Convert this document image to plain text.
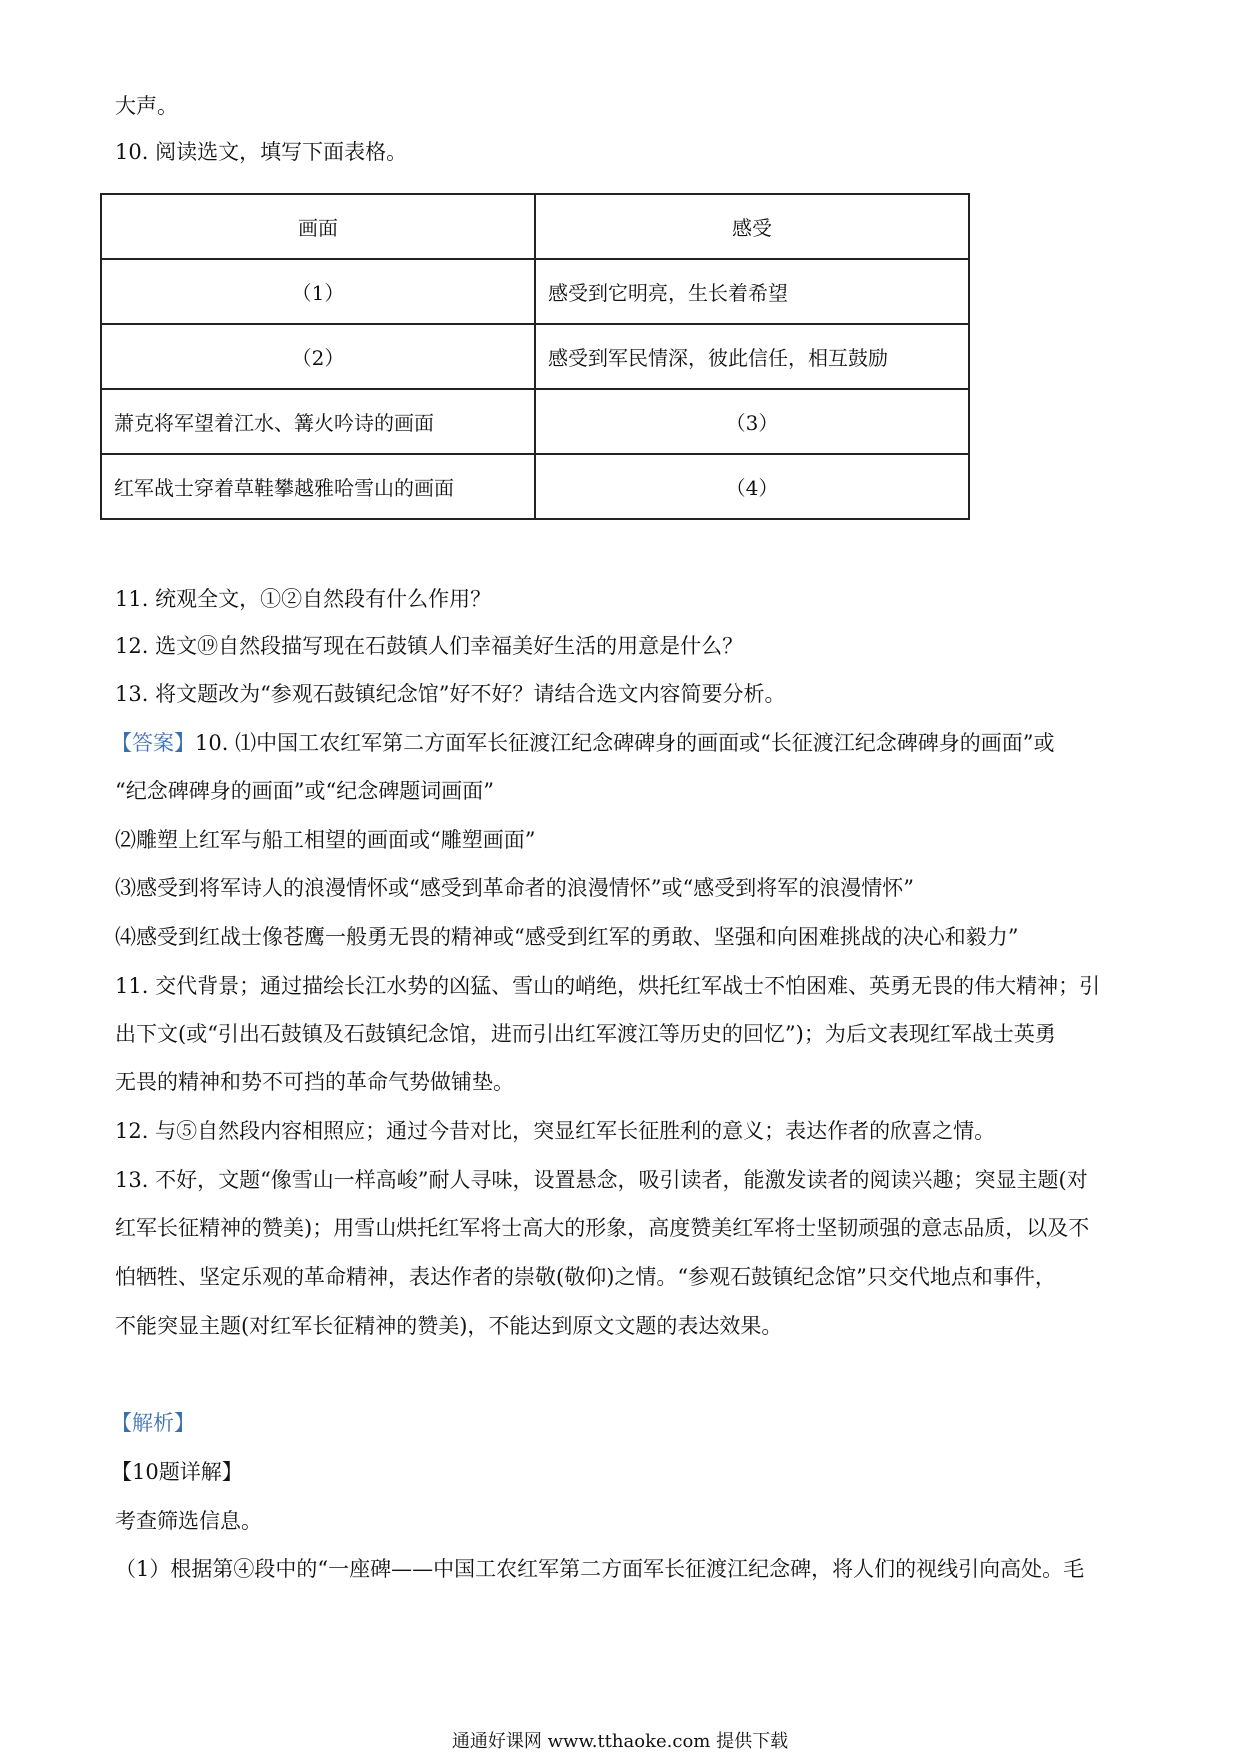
大声。
10. 阅读选文，填写下面表格。
画面	感受
（1）	感受到它明亮，生长着希望
（2）	感受到军民情深，彼此信任，相互鼓励
萧克将军望着江水、篝火吟诗的画面	（3）
红军战士穿着草鞋攀越雅哈雪山的画面	（4）
11. 统观全文，①②自然段有什么作用？
12. 选文⑲自然段描写现在石鼓镇人们幸福美好生活的用意是什么？
13. 将文题改为“参观石鼓镇纪念馆”好不好？请结合选文内容简要分析。
【答案】10. ⑴中国工农红军第二方面军长征渡江纪念碑碑身的画面或“长征渡江纪念碑碑身的画面”或
“纪念碑碑身的画面”或“纪念碑题词画面”
⑵雕塑上红军与船工相望的画面或“雕塑画面”
⑶感受到将军诗人的浪漫情怀或“感受到革命者的浪漫情怀”或“感受到将军的浪漫情怀”
⑷感受到红战士像苍鹰一般勇无畏的精神或“感受到红军的勇敢、坚强和向困难挑战的决心和毅力”
11. 交代背景；通过描绘长江水势的凶猛、雪山的峭绝，烘托红军战士不怕困难、英勇无畏的伟大精神；引
出下文(或“引出石鼓镇及石鼓镇纪念馆，进而引出红军渡江等历史的回忆”)；为后文表现红军战士英勇
无畏的精神和势不可挡的革命气势做铺垫。
12. 与⑤自然段内容相照应；通过今昔对比，突显红军长征胜利的意义；表达作者的欣喜之情。
13. 不好，文题“像雪山一样高峻”耐人寻味，设置悬念，吸引读者，能激发读者的阅读兴趣；突显主题(对
红军长征精神的赞美)；用雪山烘托红军将士高大的形象，高度赞美红军将士坚韧顽强的意志品质，以及不
怕牺牲、坚定乐观的革命精神，表达作者的崇敬(敬仰)之情。“参观石鼓镇纪念馆”只交代地点和事件，
不能突显主题(对红军长征精神的赞美)，不能达到原文文题的表达效果。
【解析】
【10题详解】
考查筛选信息。
（1）根据第④段中的“一座碑——中国工农红军第二方面军长征渡江纪念碑，将人们的视线引向高处。毛
通通好课网 www.tthaoke.com 提供下载
